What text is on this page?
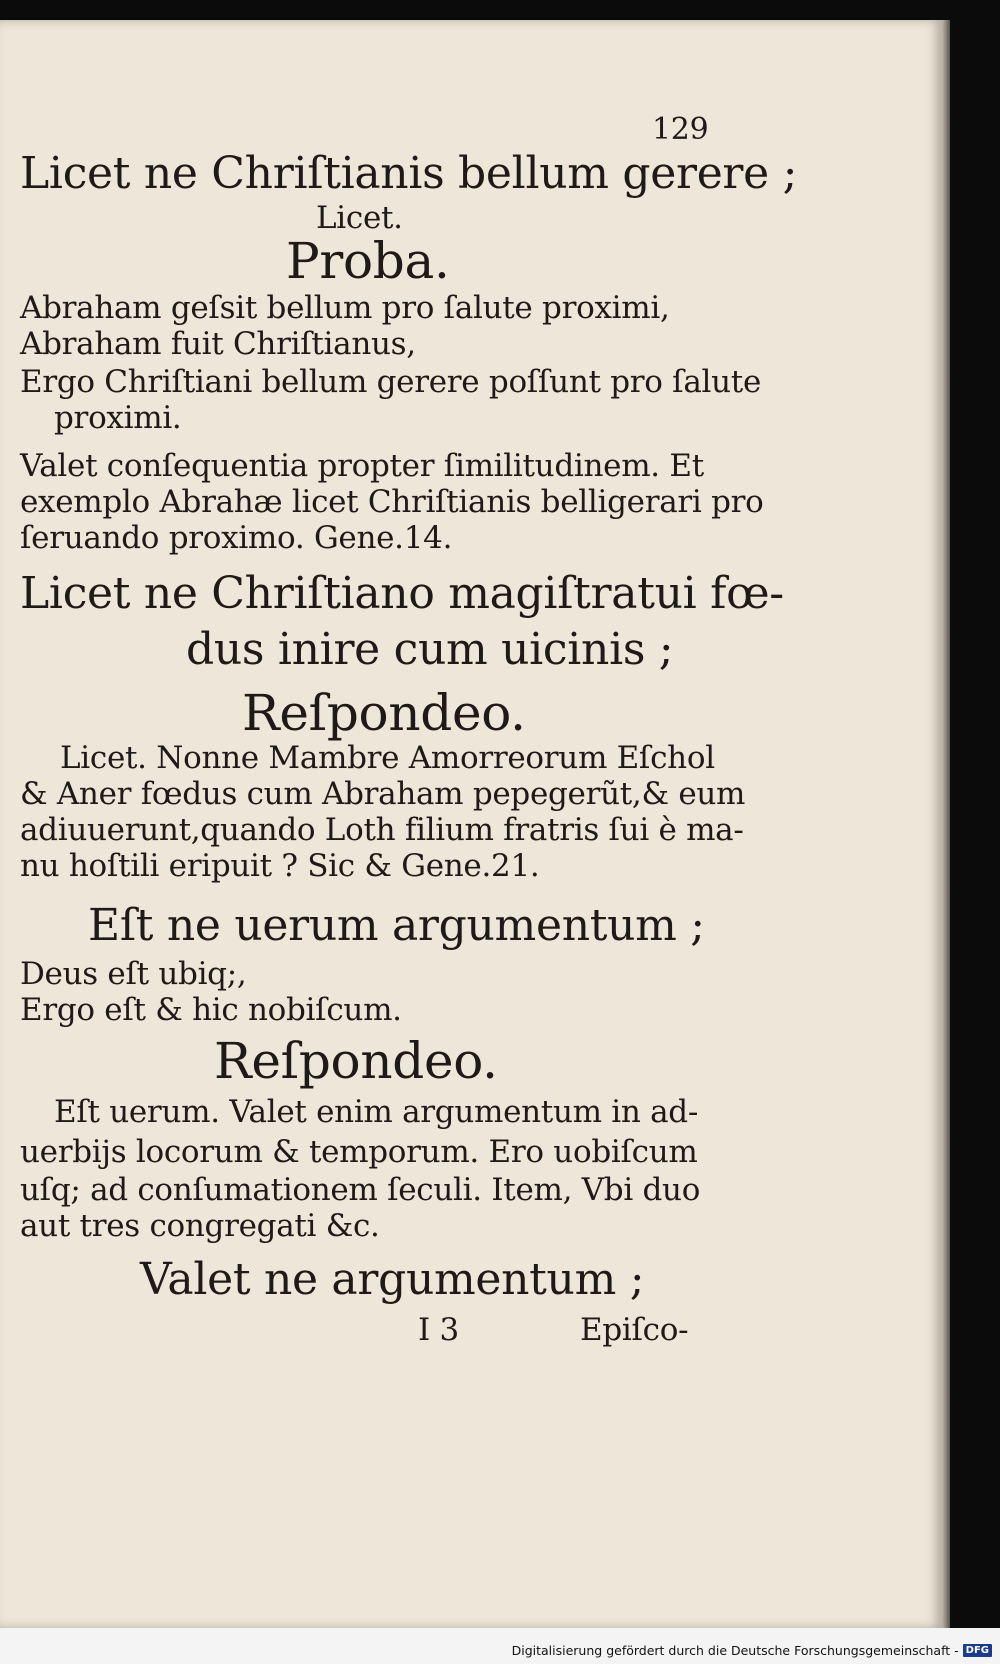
129
Licet ne Chriſtianis bellum gerere ;
Licet.
Proba.
Abraham geſsit bellum pro ſalute proximi,
Abraham fuit Chriſtianus,
Ergo Chriſtiani bellum gerere poſſunt pro ſalute
proximi.
Valet conſequentia propter ſimilitudinem. Et
exemplo Abrahæ licet Chriſtianis belligerari pro
ſeruando proximo. Gene.14.
Licet ne Chriſtiano magiſtratui fœ-
dus inire cum uicinis ;
Reſpondeo.
Licet. Nonne Mambre Amorreorum Eſchol
& Aner fœdus cum Abraham pepegerũt,& eum
adiuuerunt,quando Loth filium fratris ſui è ma-
nu hoſtili eripuit ? Sic & Gene.21.
Eſt ne uerum argumentum ;
Deus eſt ubiq;,
Ergo eſt & hic nobiſcum.
Reſpondeo.
Eſt uerum. Valet enim argumentum in ad-
uerbijs locorum & temporum. Ero uobiſcum
uſq; ad conſumationem ſeculi. Item, Vbi duo
aut tres congregati &c.
Valet ne argumentum ;
I 3	Epiſco-
Digitalisierung gefördert durch die Deutsche Forschungsgemeinschaft - DFG
